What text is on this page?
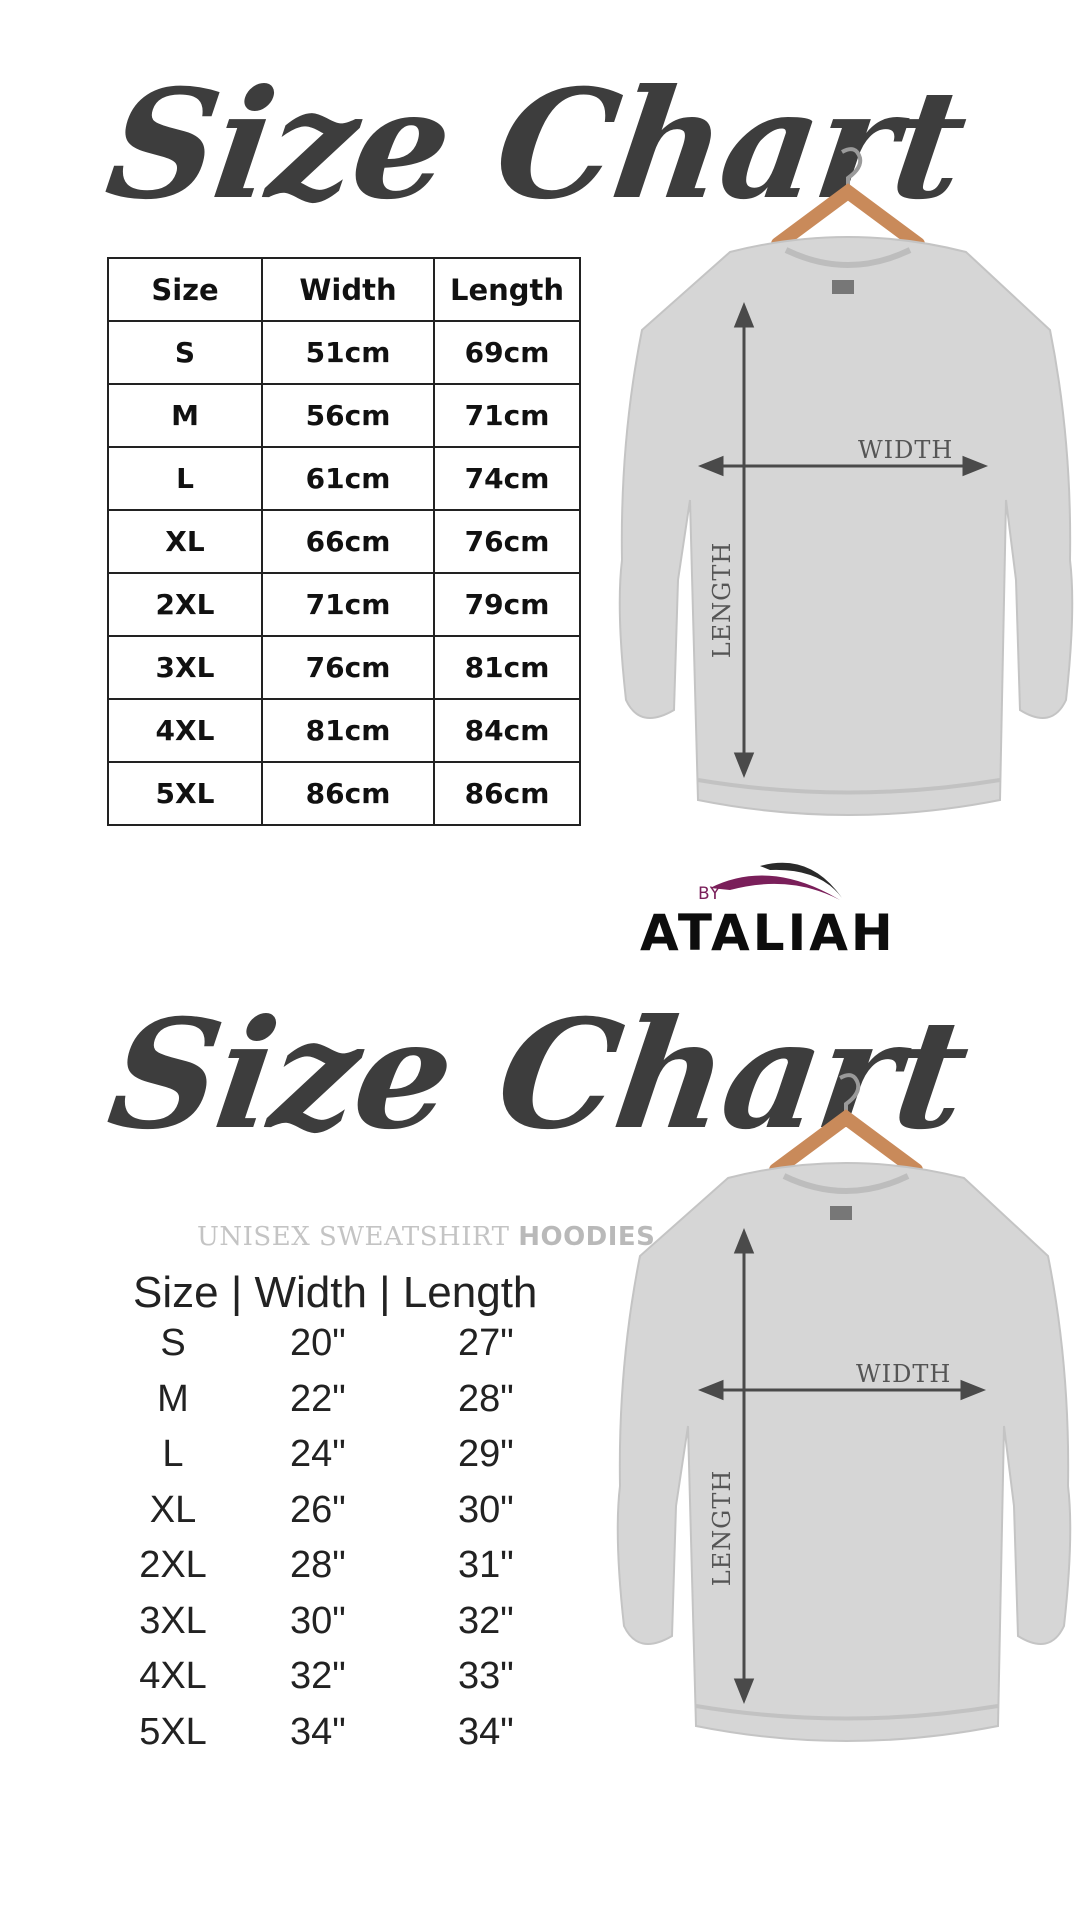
Size Chart
Size	Width	Length
S	51cm	69cm
M	56cm	71cm
L	61cm	74cm
XL	66cm	76cm
2XL	71cm	79cm
3XL	76cm	81cm
4XL	81cm	84cm
5XL	86cm	86cm
WIDTH
LENGTH
BY
ATALIAH
Size Chart
UNISEX SWEATSHIRT HOODIES
Size | Width | Length
S	20"	27"
M	22"	28"
L	24"	29"
XL	26"	30"
2XL 28"	31"
3XL 30"	32"
4XL 32"	33"
5XL 34"	34"
WIDTH
LENGTH
